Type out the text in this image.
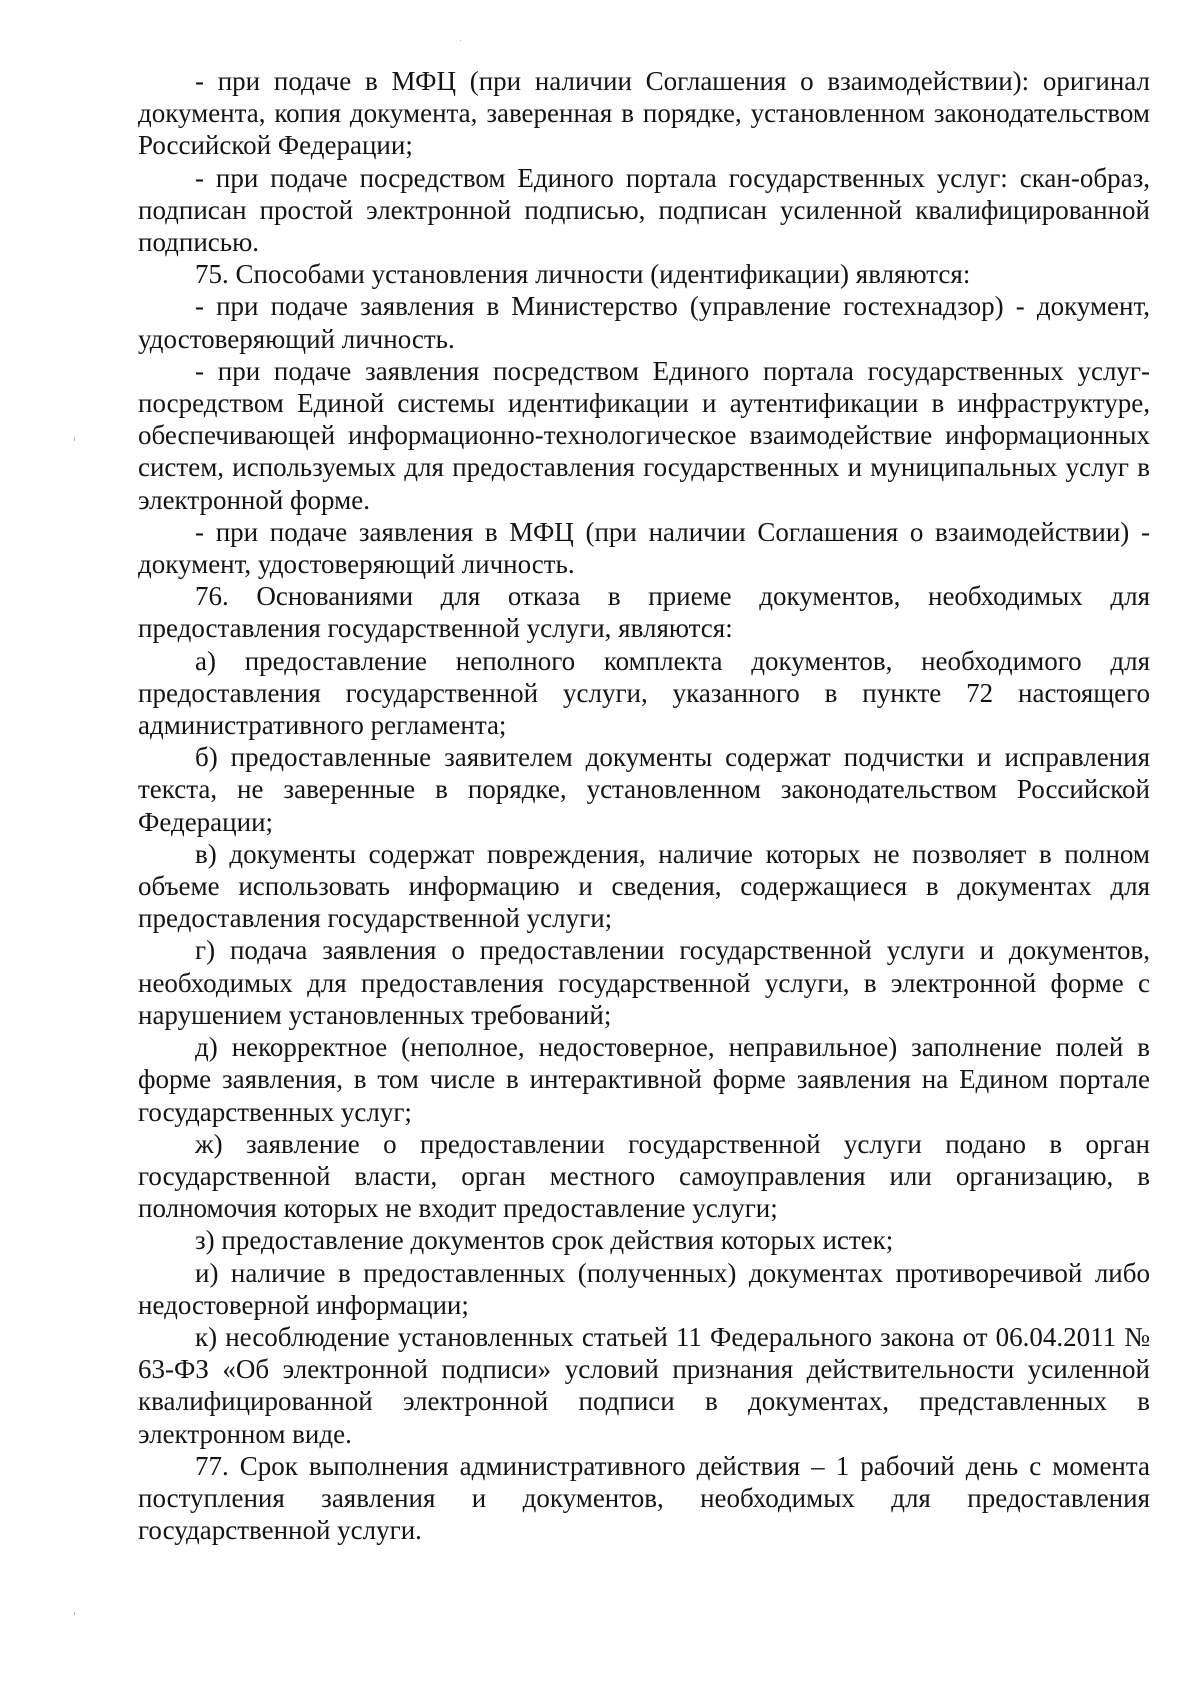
- при подаче в МФЦ (при наличии Соглашения о взаимодействии): оригинал документа, копия документа, заверенная в порядке, установленном законодательством Российской Федерации;

- при подаче посредством Единого портала государственных услуг: скан-образ, подписан простой электронной подписью, подписан усиленной квалифицированной подписью.

75. Способами установления личности (идентификации) являются:

- при подаче заявления в Министерство (управление гостехнадзор) - документ, удостоверяющий личность.

- при подаче заявления посредством Единого портала государственных услуг- посредством Единой системы идентификации и аутентификации в инфраструктуре, обеспечивающей информационно-технологическое взаимодействие информационных систем, используемых для предоставления государственных и муниципальных услуг в электронной форме.

- при подаче заявления в МФЦ (при наличии Соглашения о взаимодействии) - документ, удостоверяющий личность.

76. Основаниями для отказа в приеме документов, необходимых для предоставления государственной услуги, являются:

а) предоставление неполного комплекта документов, необходимого для предоставления государственной услуги, указанного в пункте 72 настоящего административного регламента;

б) предоставленные заявителем документы содержат подчистки и исправления текста, не заверенные в порядке, установленном законодательством Российской Федерации;

в) документы содержат повреждения, наличие которых не позволяет в полном объеме использовать информацию и сведения, содержащиеся в документах для предоставления государственной услуги;

г) подача заявления о предоставлении государственной услуги и документов, необходимых для предоставления государственной услуги, в электронной форме с нарушением установленных требований;

д) некорректное (неполное, недостоверное, неправильное) заполнение полей в форме заявления, в том числе в интерактивной форме заявления на Едином портале государственных услуг;

ж) заявление о предоставлении государственной услуги подано в орган государственной власти, орган местного самоуправления или организацию, в полномочия которых не входит предоставление услуги;

з) предоставление документов срок действия которых истек;

и) наличие в предоставленных (полученных) документах противоречивой либо недостоверной информации;

к) несоблюдение установленных статьей 11 Федерального закона от 06.04.2011 № 63-ФЗ «Об электронной подписи» условий признания действительности усиленной квалифицированной электронной подписи в документах, представленных в электронном виде.

77. Срок выполнения административного действия – 1 рабочий день с момента поступления заявления и документов, необходимых для предоставления государственной услуги.
